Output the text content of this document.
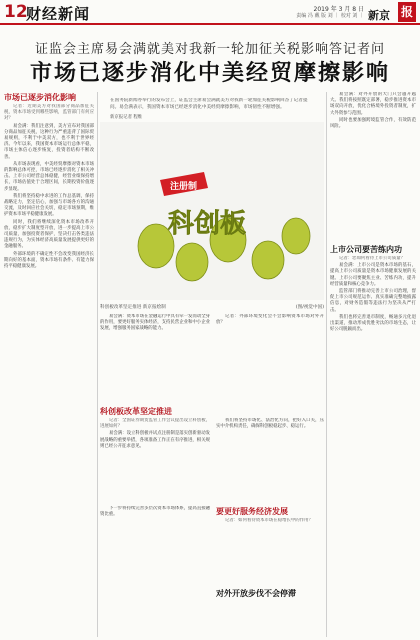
12
财经新闻	2019 年 3 月 8 日
责编 冯 戴 版 刘 ｜ 校对 刘 ｜ 新京 报
证监会主席易会满就美对我新一轮加征关税影响答记者问
市场已逐步消化中美经贸摩擦影响
市场已逐步消化影响

记者：近期美方对我国部分商品加征关税，资本市场受到哪些影响，监管部门有何应对？

易会满：我们注意到，美方宣布对我国部分商品加征关税，这种行为严重违背了国际贸易规则，不利于中美双方，也不利于世界经济。今年以来，我国资本市场运行总体平稳，市场主体信心逐步恢复，投资者结构不断改善。

从市场表现看，中美经贸摩擦对资本市场的影响总体可控，市场已经逐步消化了相关冲击。上市公司经营总体稳健，经营业绩保持增长，市场估值处于合理区间，长期投资价值逐步显现。

我们将坚持稳中求进的工作总基调，保持战略定力，坚定信心，加强与市场各方的沟通交流，及时回应社会关切，稳定市场预期，维护资本市场平稳健康发展。

同时，我们将继续深化资本市场改革开放，稳步扩大制度型开放，进一步提高上市公司质量，加强投资者保护，坚决打击各类违法违规行为，为实体经济高质量发展提供更好的金融服务。

外部环境的不确定性不会改变我国经济长期向好的基本面，资本市场有条件、有能力保持平稳健康发展。

新京报记者 程维
在国务院新闻办举行的发布会上，证监会主席易会满就美方对我新一轮加征关税影响回答了记者提问。易会满表示，我国资本市场已经逐步消化中美经贸摩擦影响，市场韧性不断增强。

易会满：对外开放的大门只会越开越大。我们将按照既定部署，稳步推进资本市场双向开放，优化合格境外投资者制度，扩大外资参与范围。

同时也要加强跨境监管合作，有效防范风险。

上市公司要苦练内功

记者：您如何看待上市公司质量？

易会满：上市公司是资本市场的基石，提高上市公司质量是资本市场健康发展的关键。上市公司要聚焦主业、苦练内功，提升经营质量和核心竞争力。

监管部门将推动完善上市公司治理，督促上市公司规范运作、真实准确完整地披露信息，对财务造假等违法行为坚决从严打击。

我们也将完善退市制度，畅通多元化退出渠道，推动形成优胜劣汰的市场生态，让好公司脱颖而出。

注册制
科创板
科创板改革坚定推进 新京报绘制	(图/视觉中国)

易会满：资本市场在金融运行中具有牵一发而动全身的作用，要更好服务实体经济，支持民营企业和中小企业发展，增强服务国家战略的能力。

记者：外部环境变化会不会影响资本市场对外开放？

科创板改革坚定推进

记者：全国证券期货监管工作会议提出设立科创板，进展如何？

易会满：设立科创板并试点注册制是落实创新驱动发展战略的重要举措，各项准备工作正在有序推进，相关规则已经公开征求意见。

我们将坚持市场化、法治化方向，把好入口关，压实中介机构责任，确保科创板稳起步、稳运行。

要更好服务经济发展

下一步将持续完善多层次资本市场体系，提高直接融资比重。

记者：如何看待资本市场在稳增长中的作用？

对外开放步伐不会停滞
